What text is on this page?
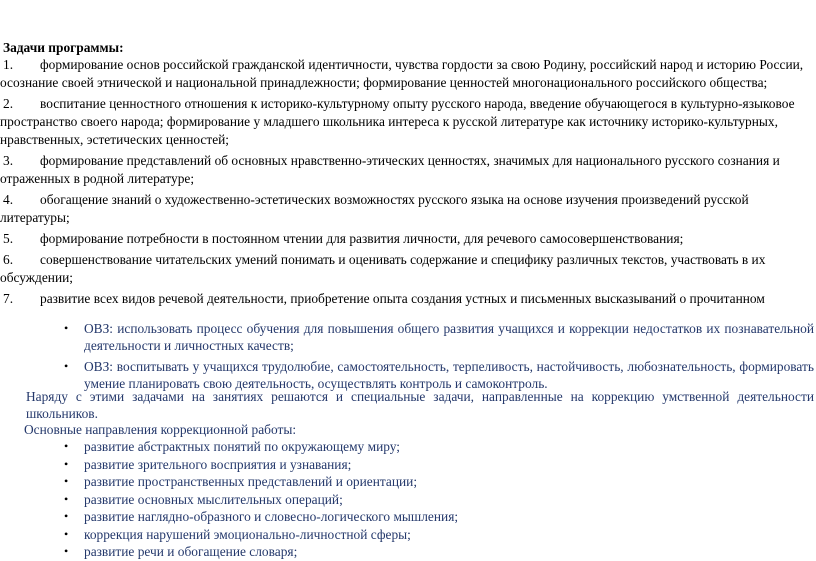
Задачи программы:

1. формирование основ российской гражданской идентичности, чувства гордости за свою Родину, российский народ и историю России, осознание своей этнической и национальной принадлежности; формирование ценностей многонационального российского общества;
2. воспитание ценностного отношения к историко-культурному опыту русского народа, введение обучающегося в культурно-языковое пространство своего народа; формирование у младшего школьника интереса к русской литературе как источнику историко-культурных, нравственных, эстетических ценностей;
3. формирование представлений об основных нравственно-этических ценностях, значимых для национального русского сознания и отраженных в родной литературе;
4. обогащение знаний о художественно-эстетических возможностях русского языка на основе изучения произведений русской литературы;
5. формирование потребности в постоянном чтении для развития личности, для речевого самосовершенствования;
6. совершенствование читательских умений понимать и оценивать содержание и специфику различных текстов, участвовать в их обсуждении;
7. развитие всех видов речевой деятельности, приобретение опыта создания устных и письменных высказываний о прочитанном
• ОВЗ: использовать процесс обучения для повышения общего развития учащихся и коррекции недостатков их познавательной деятельности и личностных качеств;
• ОВЗ: воспитывать у учащихся трудолюбие, самостоятельность, терпеливость, настойчивость, любознательность, формировать умение планировать свою деятельность, осуществлять контроль и самоконтроль.

Наряду с этими задачами на занятиях решаются и специальные задачи, направленные на коррекцию умственной деятельности школьников.

Основные направления коррекционной работы:

• развитие абстрактных понятий по окружающему миру;
• развитие зрительного восприятия и узнавания;
• развитие пространственных представлений и ориентации;
• развитие основных мыслительных операций;
• развитие наглядно-образного и словесно-логического мышления;
• коррекция нарушений эмоционально-личностной сферы;
• развитие речи и обогащение словаря;
